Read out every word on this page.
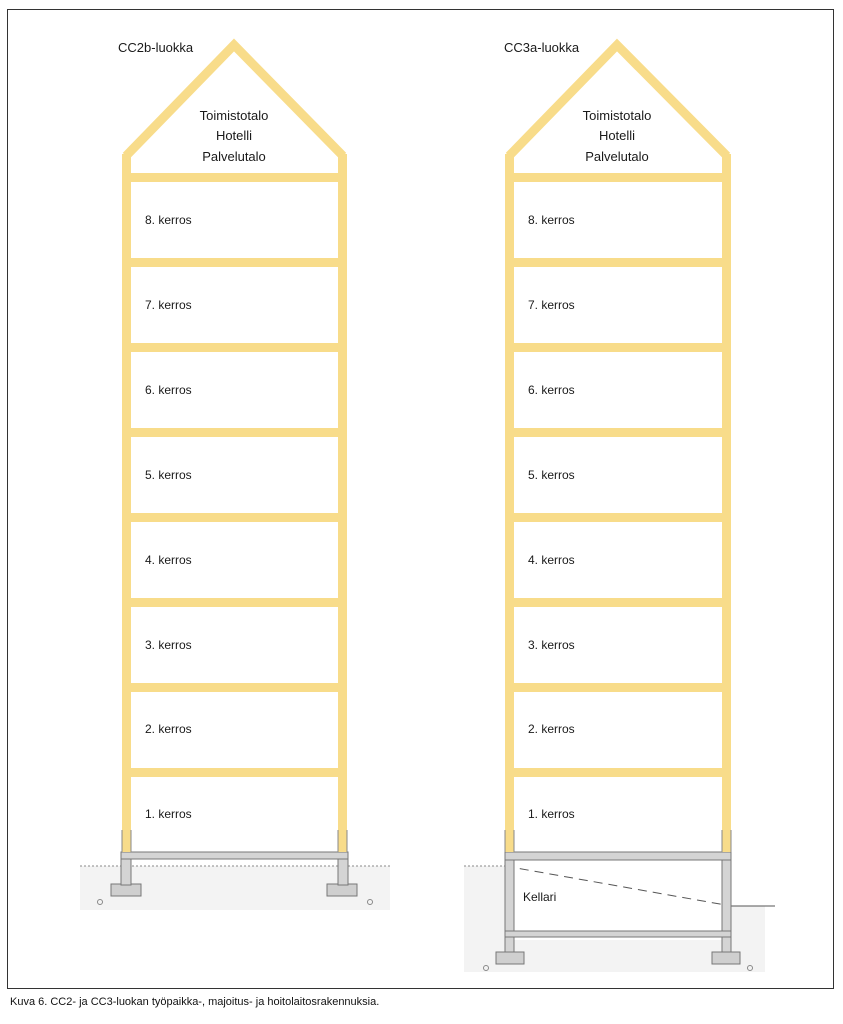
CC2b-luokka
Toimistotalo
Hotelli
Palvelutalo
8. kerros
7. kerros
6. kerros
5. kerros
4. kerros
3. kerros
2. kerros
1. kerros
CC3a-luokka
Toimistotalo
Hotelli
Palvelutalo
8. kerros
7. kerros
6. kerros
5. kerros
4. kerros
3. kerros
2. kerros
1. kerros
Kellari
Kuva 6. CC2- ja CC3-luokan työpaikka-, majoitus- ja hoitolaitosrakennuksia.
